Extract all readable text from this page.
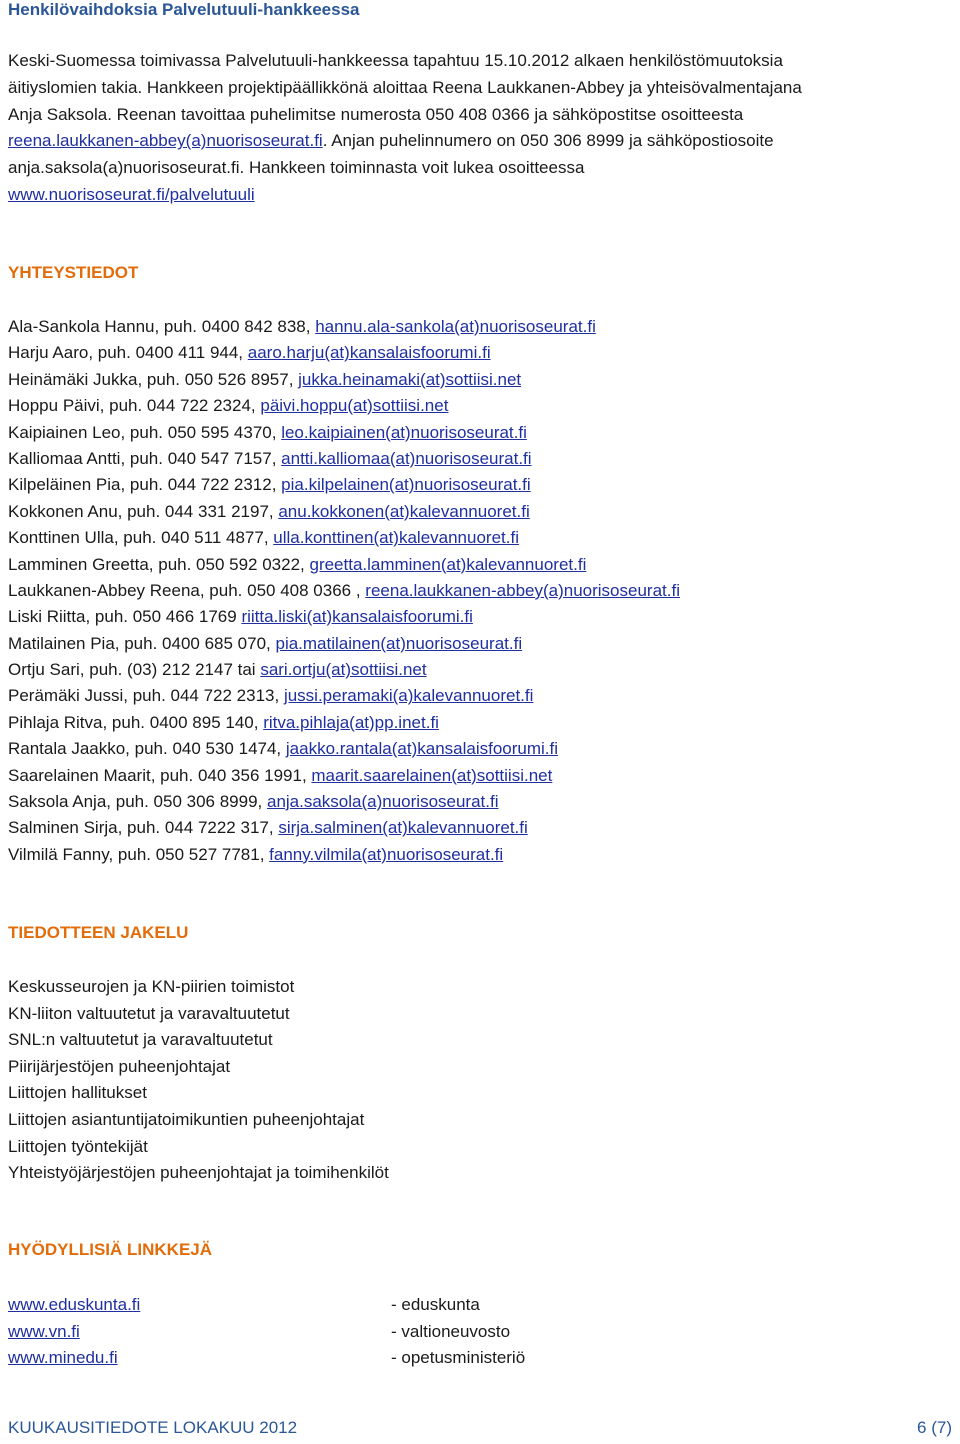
Henkilövaihdoksia Palvelutuuli-hankkeessa
Keski-Suomessa toimivassa Palvelutuuli-hankkeessa tapahtuu 15.10.2012 alkaen henkilöstömuutoksia
äitiyslomien takia. Hankkeen projektipäällikkönä aloittaa Reena Laukkanen-Abbey ja yhteisövalmentajana
Anja Saksola. Reenan tavoittaa puhelimitse numerosta 050 408 0366 ja sähköpostitse osoitteesta
reena.laukkanen-abbey(a)nuorisoseurat.fi. Anjan puhelinnumero on 050 306 8999 ja sähköpostiosoite
anja.saksola(a)nuorisoseurat.fi. Hankkeen toiminnasta voit lukea osoitteessa
www.nuorisoseurat.fi/palvelutuuli
YHTEYSTIEDOT
Ala-Sankola Hannu, puh. 0400 842 838, hannu.ala-sankola(at)nuorisoseurat.fi
Harju Aaro, puh. 0400 411 944, aaro.harju(at)kansalaisfoorumi.fi
Heinämäki Jukka, puh. 050 526 8957, jukka.heinamaki(at)sottiisi.net
Hoppu Päivi, puh. 044 722 2324, päivi.hoppu(at)sottiisi.net
Kaipiainen Leo, puh. 050 595 4370, leo.kaipiainen(at)nuorisoseurat.fi
Kalliomaa Antti, puh. 040 547 7157, antti.kalliomaa(at)nuorisoseurat.fi
Kilpeläinen Pia, puh. 044 722 2312, pia.kilpelainen(at)nuorisoseurat.fi
Kokkonen Anu, puh. 044 331 2197, anu.kokkonen(at)kalevannuoret.fi
Konttinen Ulla, puh. 040 511 4877, ulla.konttinen(at)kalevannuoret.fi
Lamminen Greetta, puh. 050 592 0322, greetta.lamminen(at)kalevannuoret.fi
Laukkanen-Abbey Reena, puh. 050 408 0366 , reena.laukkanen-abbey(a)nuorisoseurat.fi
Liski Riitta, puh. 050 466 1769 riitta.liski(at)kansalaisfoorumi.fi
Matilainen Pia, puh. 0400 685 070, pia.matilainen(at)nuorisoseurat.fi
Ortju Sari, puh. (03) 212 2147 tai sari.ortju(at)sottiisi.net
Perämäki Jussi, puh. 044 722 2313, jussi.peramaki(a)kalevannuoret.fi
Pihlaja Ritva, puh. 0400 895 140, ritva.pihlaja(at)pp.inet.fi
Rantala Jaakko, puh. 040 530 1474, jaakko.rantala(at)kansalaisfoorumi.fi
Saarelainen Maarit, puh. 040 356 1991, maarit.saarelainen(at)sottiisi.net
Saksola Anja, puh. 050 306 8999, anja.saksola(a)nuorisoseurat.fi
Salminen Sirja, puh. 044 7222 317, sirja.salminen(at)kalevannuoret.fi
Vilmilä Fanny, puh. 050 527 7781, fanny.vilmila(at)nuorisoseurat.fi
TIEDOTTEEN JAKELU
Keskusseurojen ja KN-piirien toimistot
KN-liiton valtuutetut ja varavaltuutetut
SNL:n valtuutetut ja varavaltuutetut
Piirijärjestöjen puheenjohtajat
Liittojen hallitukset
Liittojen asiantuntijatoimikuntien puheenjohtajat
Liittojen työntekijät
Yhteistyöjärjestöjen puheenjohtajat ja toimihenkilöt
HYÖDYLLISIÄ LINKKEJÄ
www.eduskunta.fi	- eduskunta
www.vn.fi	- valtioneuvosto
www.minedu.fi	- opetusministeriö
KUUKAUSITIEDOTE LOKAKUU 2012	6 (7)
